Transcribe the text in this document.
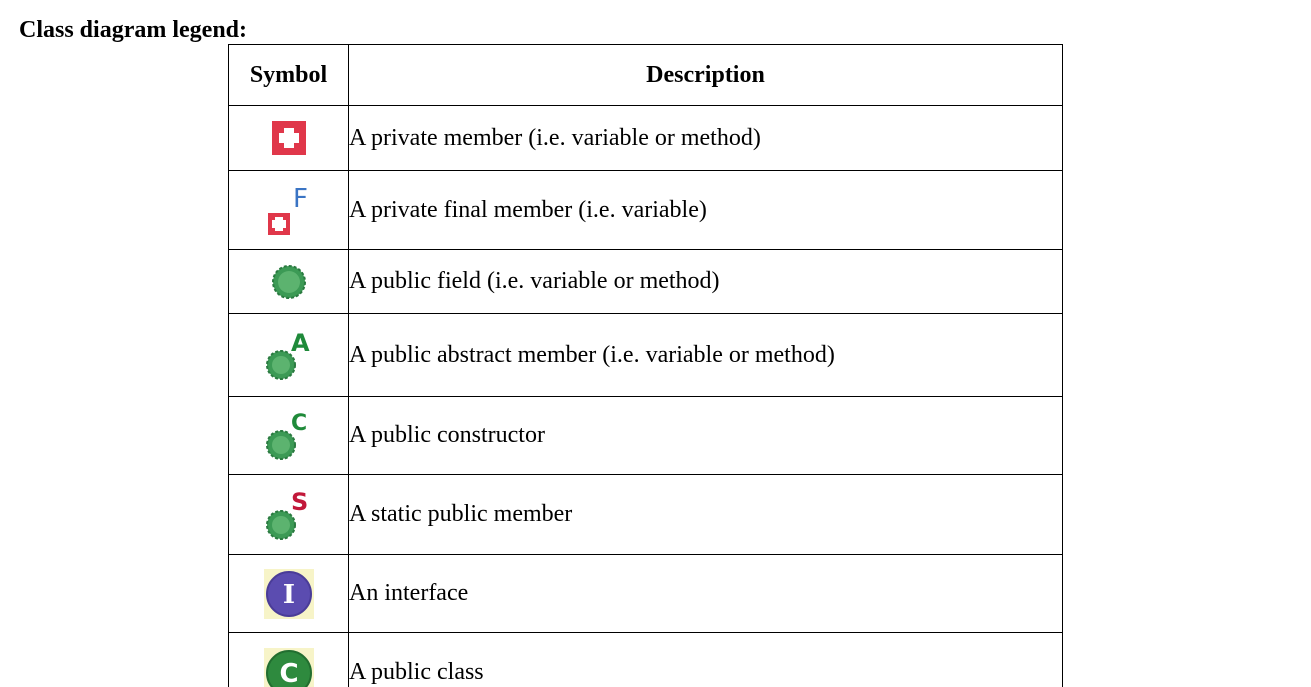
Class diagram legend:
Symbol	Description

	A private member (i.e. variable or method)

F	A private final member (i.e. variable)

	A public field (i.e. variable or method)

A	A public abstract member (i.e. variable or method)

C	A public constructor

S	A static public member

I	An interface

C	A public class
